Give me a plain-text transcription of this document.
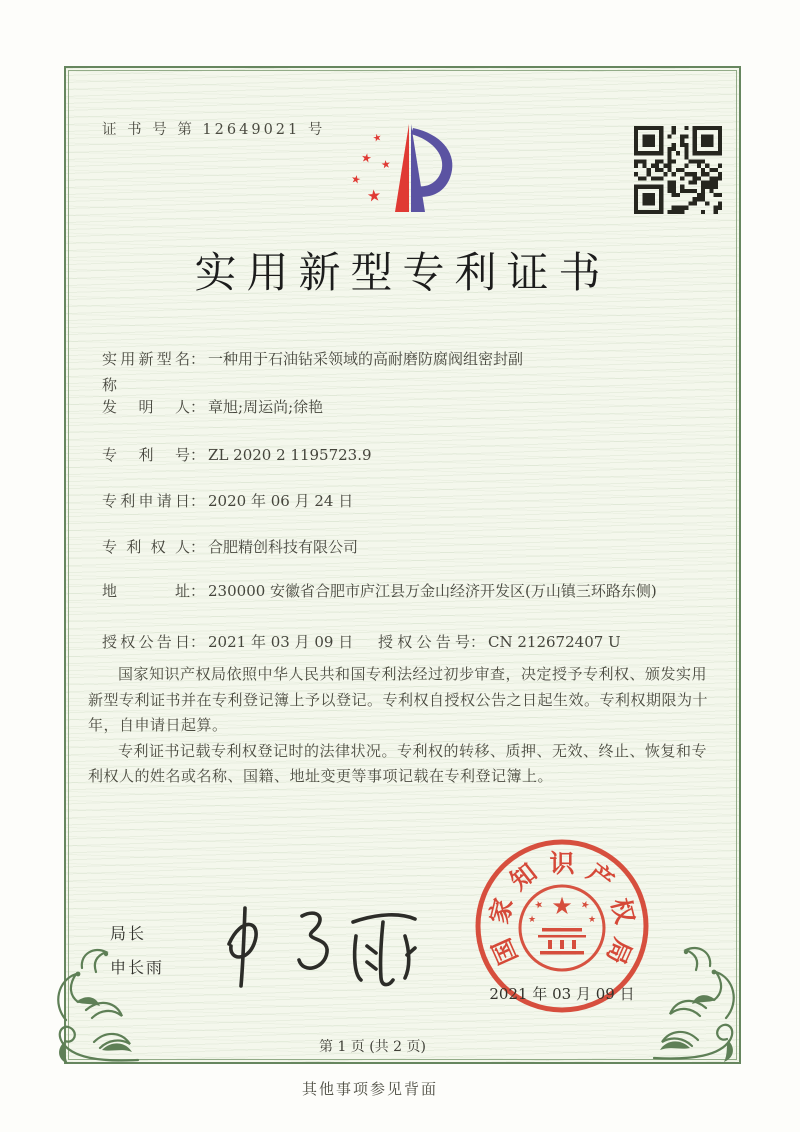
证 书 号 第 12649021 号
★
★ ★
★
★
实用新型专利证书
实用新型名称： 一种用于石油钻采领域的高耐磨防腐阀组密封副
发明人： 章旭;周运尚;徐艳
专利号： ZL 2020 2 1195723.9
专利申请日： 2020 年 06 月 24 日
专利权人： 合肥精创科技有限公司
地址： 230000 安徽省合肥市庐江县万金山经济开发区(万山镇三环路东侧)
授权公告日： 2021 年 03 月 09 日 授权公告号： CN 212672407 U

国家知识产权局依照中华人民共和国专利法经过初步审查，决定授予专利权、颁发实用新型专利证书并在专利登记簿上予以登记。专利权自授权公告之日起生效。专利权期限为十年，自申请日起算。

专利证书记载专利权登记时的法律状况。专利权的转移、质押、无效、终止、恢复和专利权人的姓名或名称、国籍、地址变更等事项记载在专利登记簿上。

局长
申长雨
★
★	★
★	★
国
家
知 识 产
权
局
2021 年 03 月 09 日
第 1 页 (共 2 页)
其他事项参见背面
